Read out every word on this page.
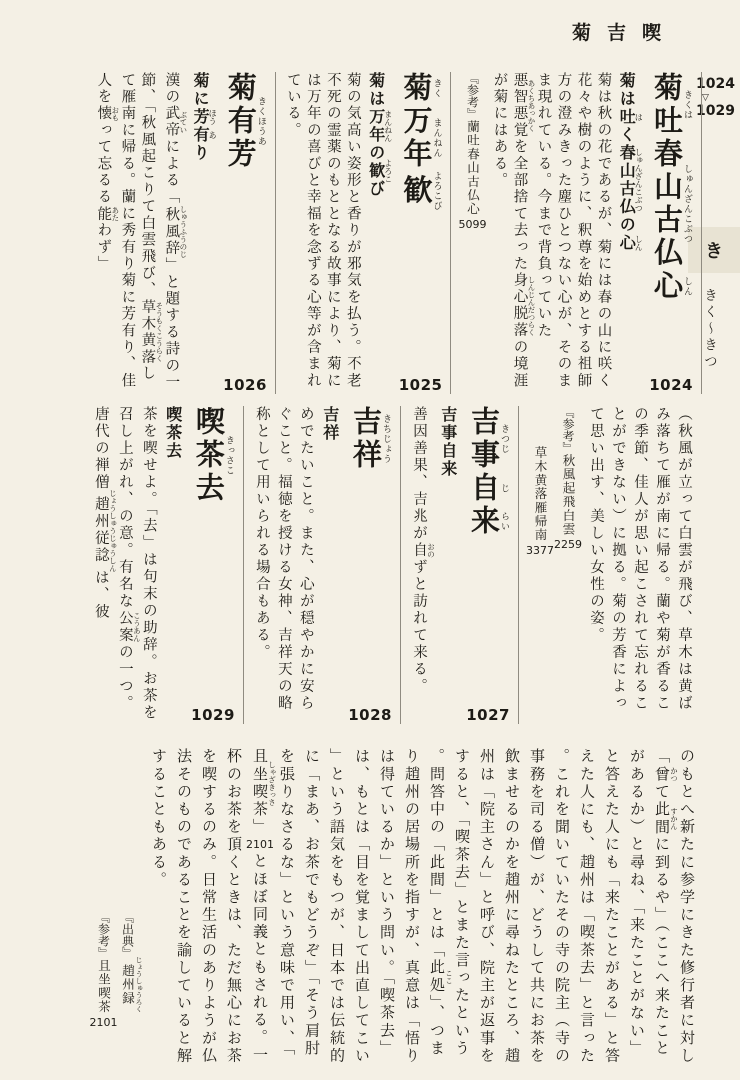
菊吉喫
1024
▽
1029
き
きく～きつ
菊吐きくは春山古仏しゅんざんこぶつ心しん
菊は吐はく春山古仏しゅんざんこぶつの心しん

菊は秋の花であるが、菊には春の山に咲く花々や樹のように、釈尊を始めとする祖師方の澄みきった塵ひとつない心が、そのまま現れている。今まで背負っていた悪智悪覚 あくちあっかくを全部捨て去った身心脱落 しんじんだつらくの境涯が菊にはある。

『参考』蘭吐春山古仏心5099
1024
菊きく万年まんねん歓よろこび
菊は万年まんねんの歓よろこび

菊の気高い姿形と香りが邪気を払う。不老不死の霊薬のもととなる故事により、菊には万年の喜びと幸福を念ずる心等が含まれている。

1025
菊有芳きくほうあ
菊に芳ほう有あり

漢の武帝 ぶていによる「秋風辞 しゅうふうのじ」と題する詩の一節、「秋風起こりて白雲飛び、草木黄落 そうもくこうらくして雁南に帰る。蘭に秀有り菊に芳有り、佳人を懐 おもって忘るる能 あたわず」

1026

（秋風が立って白雲が飛び、草木は黄ばみ落ちて雁が南に帰る。蘭や菊が香るこの季節、佳人が思い起こされて忘れることができない）に拠る。菊の芳香によって思い出す、美しい女性の姿。

『参考』秋風起飛白雲2259
草木黄落雁帰南3377
吉事きつじ自じ来らい
吉事自来

善因善果、吉兆が自 おのずと訪れて来る。

1027
吉祥きちじょう
吉祥

めでたいこと。また、心が穏やかに安らぐこと。福徳を授ける女神、吉祥天の略称として用いられる場合もある。

1028
喫茶去きっさこ
喫茶去

茶を喫せよ。「去」は句末の助辞。お茶を召し上がれ、の意。有名な公案 こうあんの一つ。唐代の禅僧趙州従諗 じょうしゅうじゅうしんは、彼

1029

のもとへ新たに参学にきた修行者に対し「曾かつて此間すかんに到るや」（ここへ来たことがあるか）と尋ね、「来たことがない」と答えた人にも「来たことがある」と答えた人にも、趙州は「喫茶去」と言った。これを聞いていたその寺の院主（寺の事務を司る僧）が、どうして共にお茶を飲ませるのかを趙州に尋ねたところ、趙州は「院主さん」と呼び、院主が返事をすると、「喫茶去」とまた言ったという。問答中の「此間」とは「此処ここ」、つまり趙州の居場所を指すが、真意は「悟りは得ているか」という問い。「喫茶去」は、もとは「目を覚まして出直してこい」という語気をもつが、日本では伝統的に「まあ、お茶でもどうぞ」「そう肩肘を張りなさるな」という意味で用い、「且坐喫茶しゃざきっさ」2101とほぼ同義ともされる。一杯のお茶を頂くときは、ただ無心にお茶を喫するのみ。日常生活のありようが仏法そのものであることを諭していると解することもある。

『出典』趙州録 じょうしゅうろく
『参考』且坐喫茶2101
